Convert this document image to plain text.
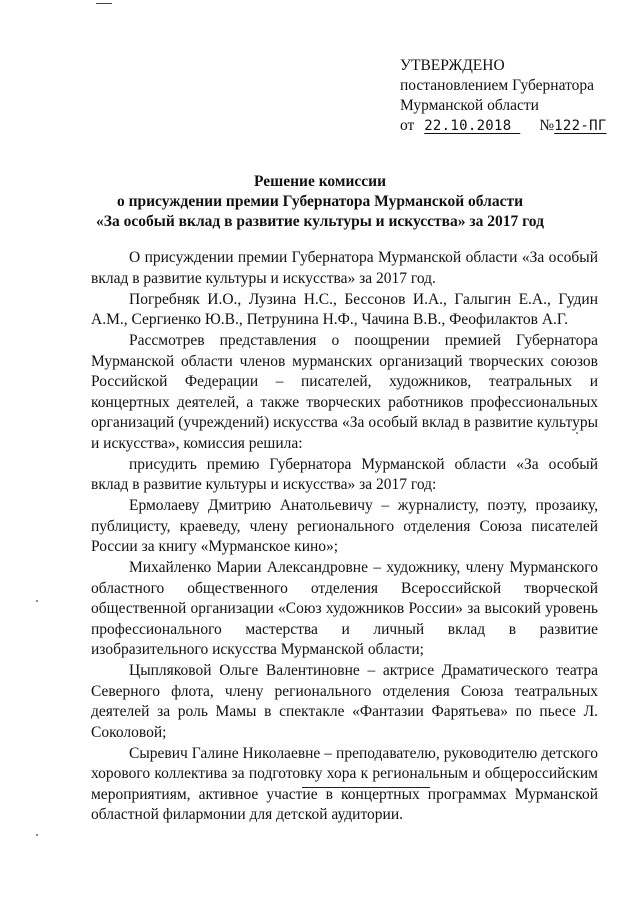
УТВЕРЖДЕНО
постановлением Губернатора
Мурманской области
от 22.10.2018 №122-ПГ
Решение комиссии
о присуждении премии Губернатора Мурманской области
«За особый вклад в развитие культуры и искусства» за 2017 год

О присуждении премии Губернатора Мурманской области «За особый вклад в развитие культуры и искусства» за 2017 год.

Погребняк И.О., Лузина Н.С., Бессонов И.А., Галыгин Е.А., Гудин А.М., Сергиенко Ю.В., Петрунина Н.Ф., Чачина В.В., Феофилактов А.Г.

Рассмотрев представления о поощрении премией Губернатора Мурманской области членов мурманских организаций творческих союзов Российской Федерации – писателей, художников, театральных и концертных деятелей, а также творческих работников профессиональных организаций (учреждений) искусства «За особый вклад в развитие культуры и искусства», комиссия решила:

присудить премию Губернатора Мурманской области «За особый вклад в развитие культуры и искусства» за 2017 год:

Ермолаеву Дмитрию Анатольевичу – журналисту, поэту, прозаику, публицисту, краеведу, члену регионального отделения Союза писателей России за книгу «Мурманское кино»;

Михайленко Марии Александровне – художнику, члену Мурманского областного общественного отделения Всероссийской творческой общественной организации «Союз художников России» за высокий уровень профессионального мастерства и личный вклад в развитие изобразительного искусства Мурманской области;

Цыпляковой Ольге Валентиновне – актрисе Драматического театра Северного флота, члену регионального отделения Союза театральных деятелей за роль Мамы в спектакле «Фантазии Фарятьева» по пьесе Л. Соколовой;

Сыревич Галине Николаевне – преподавателю, руководителю детского хорового коллектива за подготовку хора к региональным и общероссийским мероприятиям, активное участие в концертных программах Мурманской областной филармонии для детской аудитории.
